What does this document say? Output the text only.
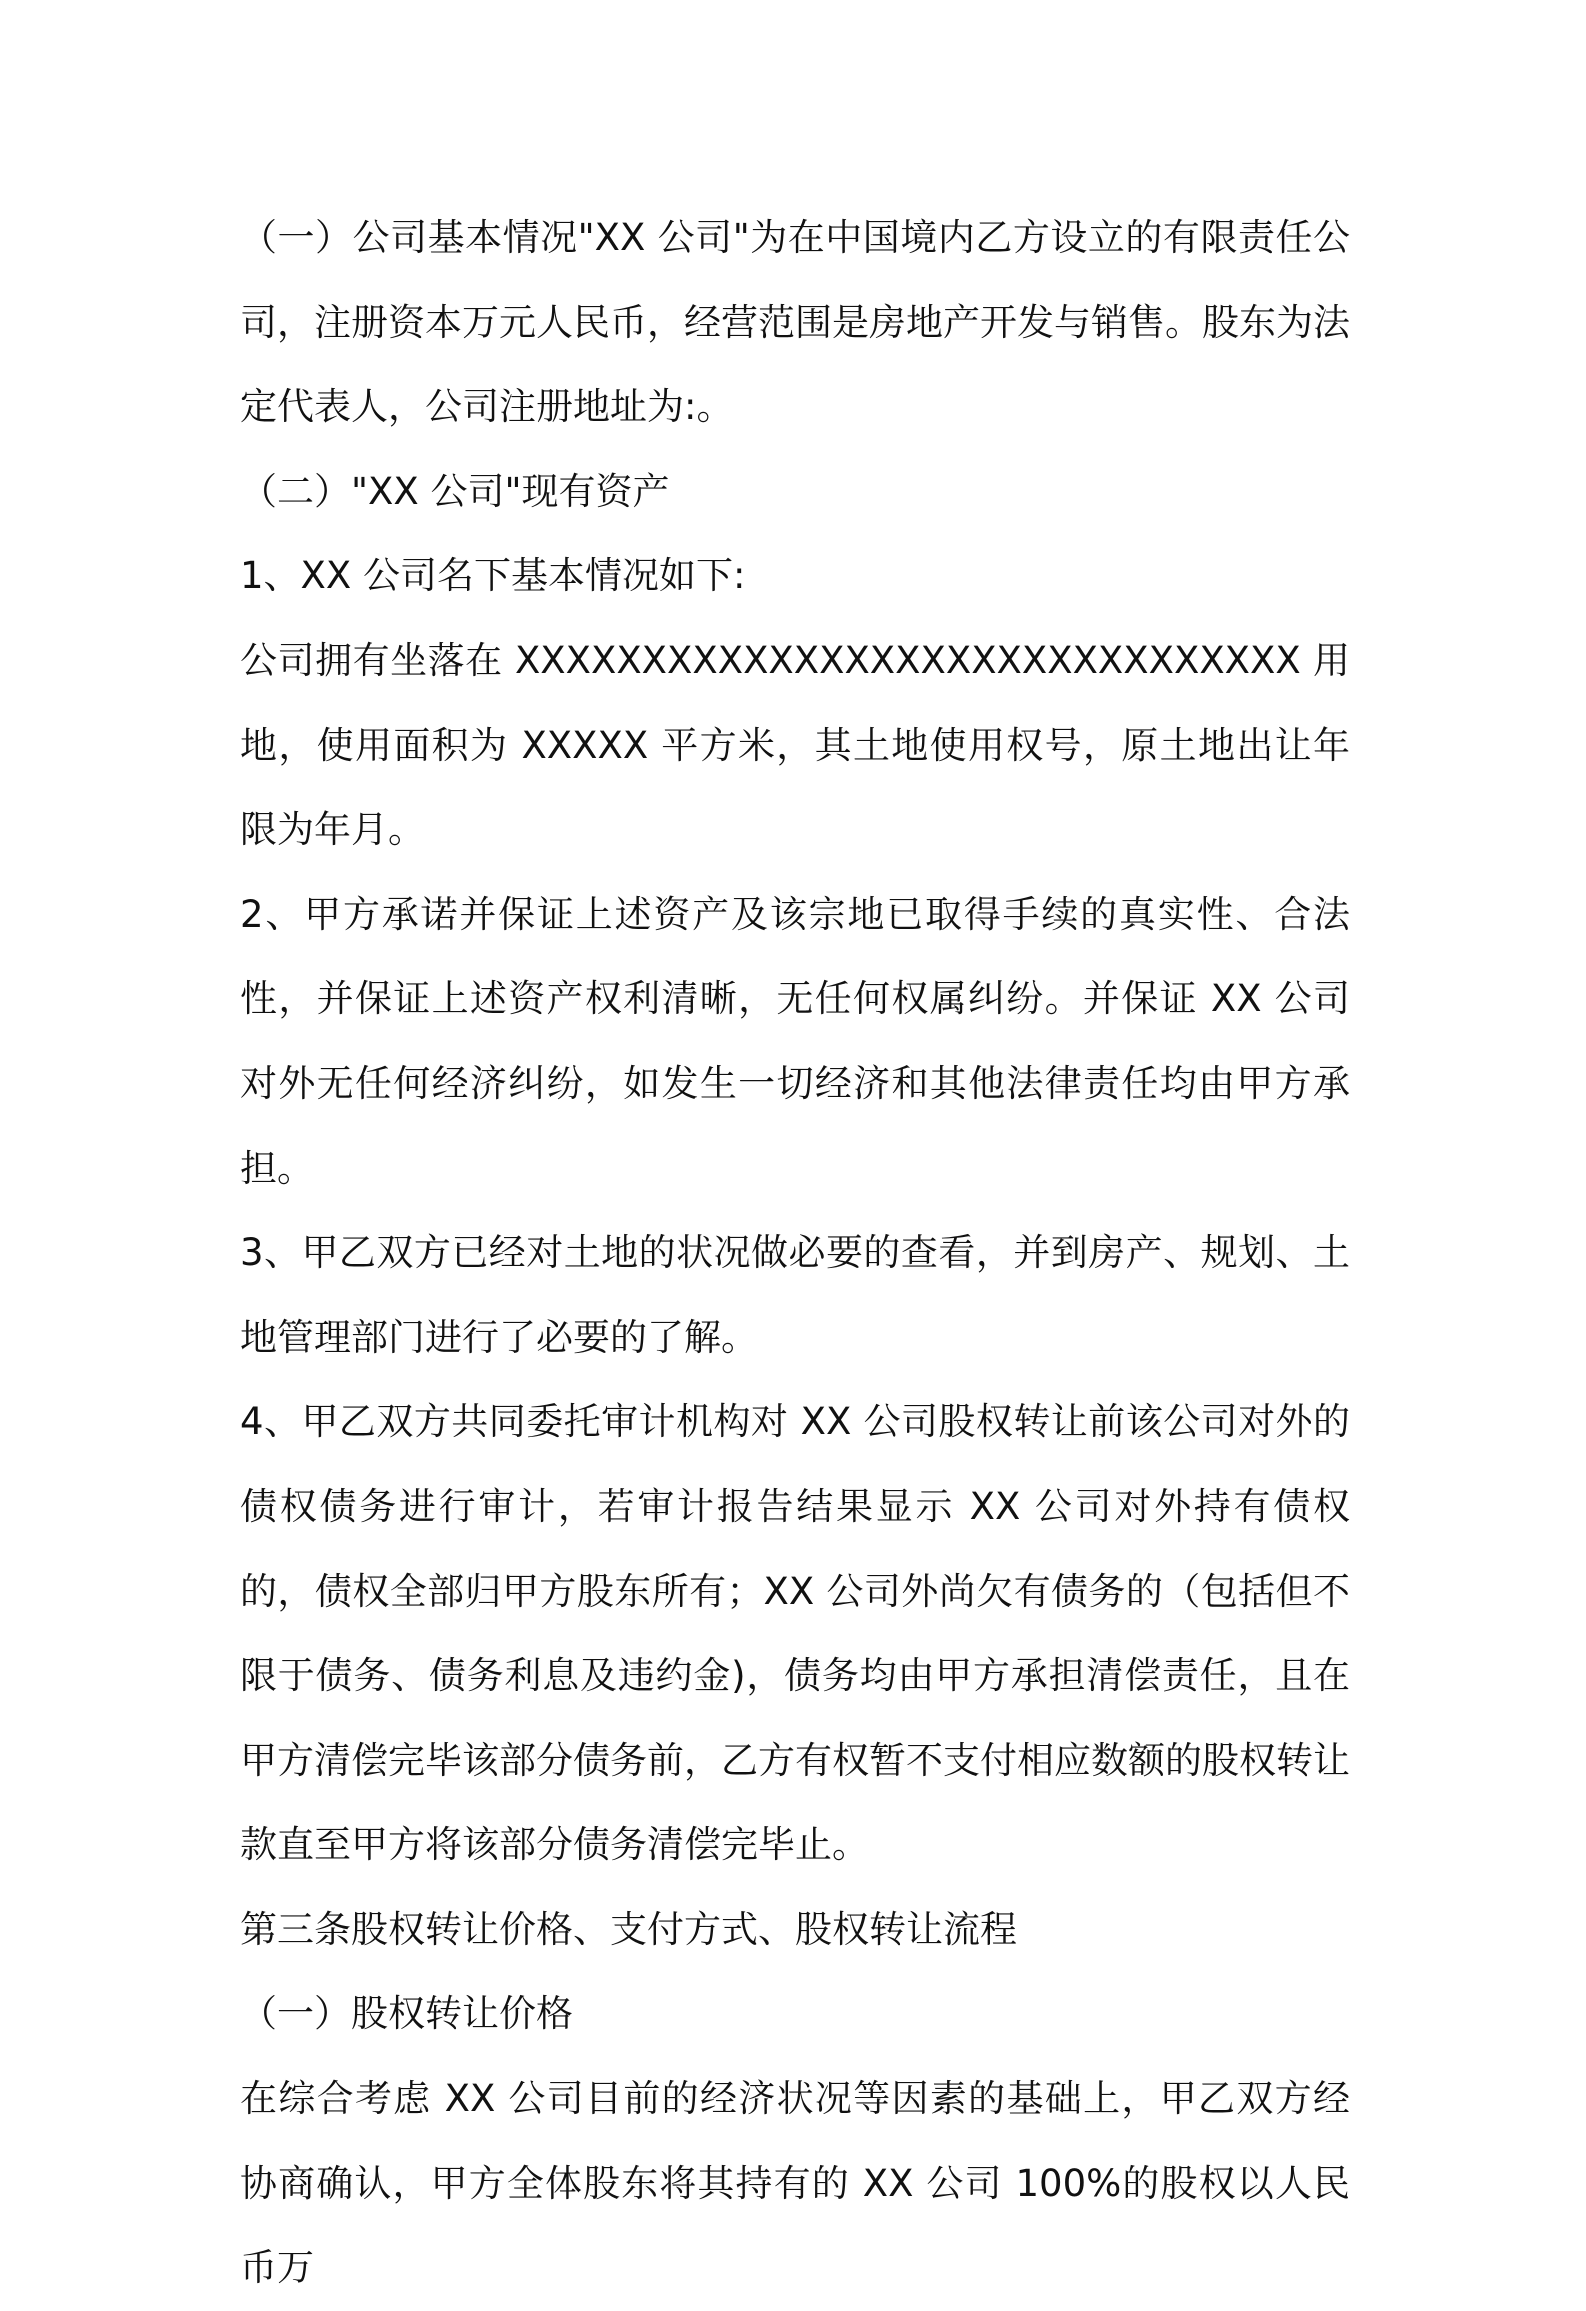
（一）公司基本情况"XX 公司"为在中国境内乙方设立的有限责任公司，注册资本万元人民币，经营范围是房地产开发与销售。股东为法定代表人，公司注册地址为:。

（二）"XX 公司"现有资产

1、XX 公司名下基本情况如下:

公司拥有坐落在 XXXXXXXXXXXXXXXXXXXXXXXXXXXXXXX 用地，使用面积为 XXXXX 平方米，其土地使用权号，原土地出让年限为年月。

2、甲方承诺并保证上述资产及该宗地已取得手续的真实性、合法性，并保证上述资产权利清晰，无任何权属纠纷。并保证 XX 公司对外无任何经济纠纷，如发生一切经济和其他法律责任均由甲方承担。

3、甲乙双方已经对土地的状况做必要的查看，并到房产、规划、土地管理部门进行了必要的了解。

4、甲乙双方共同委托审计机构对 XX 公司股权转让前该公司对外的债权债务进行审计，若审计报告结果显示 XX 公司对外持有债权的，债权全部归甲方股东所有；XX 公司外尚欠有债务的（包括但不限于债务、债务利息及违约金)，债务均由甲方承担清偿责任，且在甲方清偿完毕该部分债务前，乙方有权暂不支付相应数额的股权转让款直至甲方将该部分债务清偿完毕止。

第三条股权转让价格、支付方式、股权转让流程

（一）股权转让价格

在综合考虑 XX 公司目前的经济状况等因素的基础上，甲乙双方经协商确认，甲方全体股东将其持有的 XX 公司 100%的股权以人民币万
